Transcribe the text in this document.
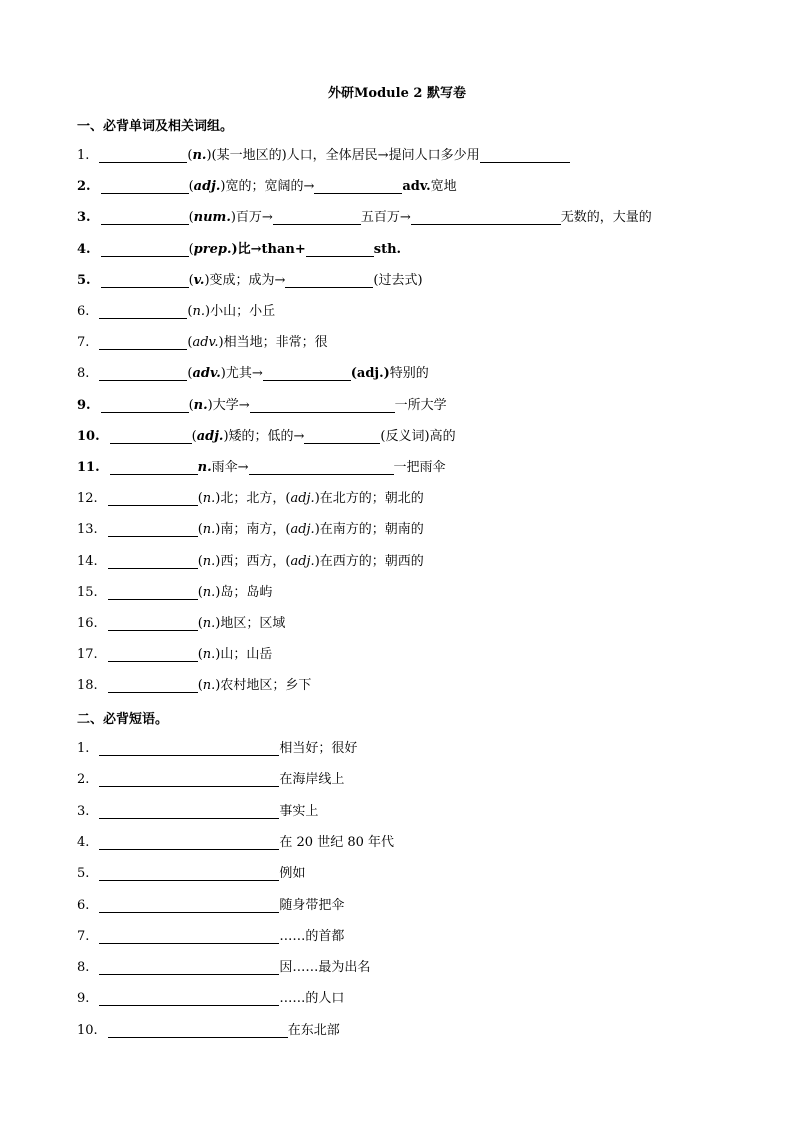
外研Module 2 默写卷
一、必背单词及相关词组。
1.	( n. )(某一地区的)人口，全体居民→提问人口多少用
2.	( adj. )宽的；宽阔的→	adv. 宽地
3.	( num. )百万→	五百万→	无数的，大量的
4.	( prep. )比→than+	sth.
5.	( v. )变成；成为→	(过去式)
6.	( n. )小山；小丘
7.	( adv. )相当地；非常；很
8.	( adv. )尤其→	(adj.) 特别的
9.	( n. )大学→	一所大学
10.	( adj. )矮的；低的→	(反义词)高的
11.	n. 雨伞→	一把雨伞
12.	( n. )北；北方，( adj. )在北方的；朝北的
13.	( n. )南；南方，( adj. )在南方的；朝南的
14.	( n. )西；西方，( adj. )在西方的；朝西的
15.	( n. )岛；岛屿
16.	( n. )地区；区域
17.	( n. )山；山岳
18.	( n. )农村地区；乡下
二、必背短语。
1.	相当好；很好
2.	在海岸线上
3.	事实上
4.	在 20 世纪 80 年代
5.	例如
6.	随身带把伞
7.	……的首都
8.	因……最为出名
9.	……的人口
10.	在东北部
